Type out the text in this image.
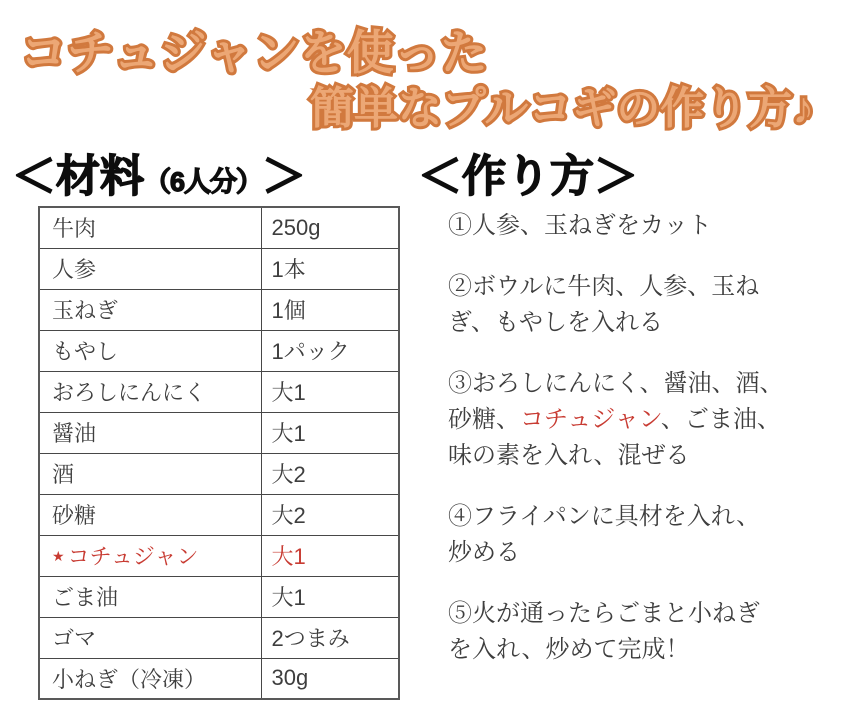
コチュジャンを使った
簡単なプルコギの作り方♪
＜材料（6人分）＞	＜作り方＞
牛肉	250g
人参	1本
玉ねぎ	1個
もやし	1パック
おろしにんにく	大1
醤油	大1
酒	大2
砂糖	大2
★ コチュジャン	大1
ごま油	大1
ゴマ	2つまみ
小ねぎ（冷凍）	30g
①人参、玉ねぎをカット
②ボウルに牛肉、人参、玉ね
ぎ、もやしを入れる
③おろしにんにく、醤油、酒、
砂糖、コチュジャン、ごま油、
味の素を入れ、混ぜる
④フライパンに具材を入れ、
炒める
⑤火が通ったらごまと小ねぎ
を入れ、炒めて完成！
